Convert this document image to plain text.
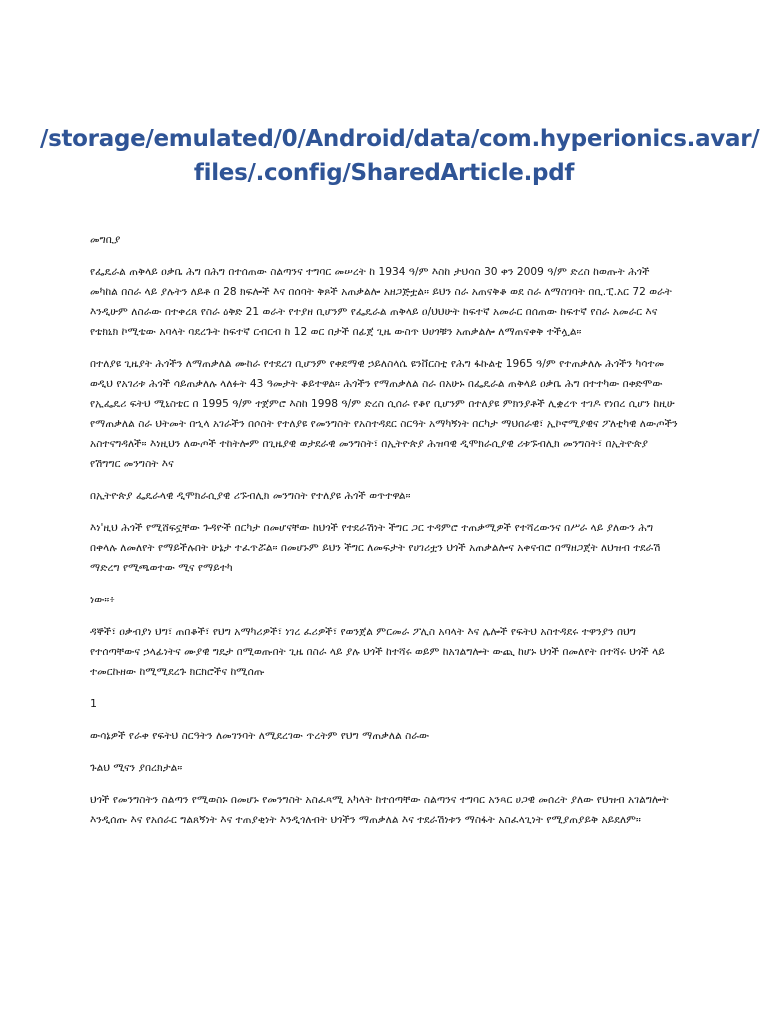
/storage/emulated/0/Android/data/com.hyperionics.avar/
files/.config/SharedArticle.pdf

መግቢያ

የፌዴራል ጠቅላይ ዐቃቤ ሕግ በሕግ በተሰጠው ስልጣንና ተግባር መሠረት ከ 1934 ዓ/ም እስከ ታህሳስ 30 ቀን 2009 ዓ/ም ድረስ ከወጡት ሕጎች መካከል በስራ ላይ ያሉትን ለይቶ በ 28 ክፍሎች እና በሰባት ቅጾች አጠቃልሎ አዘጋጅቷል። ይህን ስራ አጠናቅቆ ወደ ስራ ለማስገባት በቢ.ፒ.አር 72 ወራት እንዲሁም ለስራው በተቀረጸ የስራ ዕቅድ 21 ወራት የተያዘ ቢሆንም የፌዴራል ጠቅላይ ዐ/ህህሁት ከፍተኛ አመራር በሰጠው ከፍተኛ የስራ አመራር እና የቴክኒክ ኮሚቴው አባላት ባደረጉት ከፍተኛ ርብርብ ከ 12 ወር በታች በፊጀ ጊዜ ውስጥ ህሀጎቹን አጠቃልሎ ለማጠናቀቅ ተችሏል።

በተለያዩ ጊዜያት ሕጎችን ለማጠቃለል ሙከራ የተደረገ ቢሆንም የቀደማዊ ኃይለስላሴ ዩንቨርስቲ የሕግ ፋኩልቲ 1965 ዓ/ም የተጠቃለሉ ሕጎችን ካሳተመ ወዲህ የአገሪቱ ሕጎች ሳይጠቃለሉ ላለፉት 43 ዓመታት ቆይተዋል። ሕጎችን የማጠቃለል ስራ በአሁኑ በፌዴራል ጠቅላይ ዐቃቤ ሕግ በተተካው በቀድሞው የኢፌዴሪ ፍትህ ሚኒስቴር በ 1995 ዓ/ም ተጀምሮ እስከ 1998 ዓ/ም ድረስ ሲሰራ የቆየ ቢሆንም በተለያዩ ምክንያቶች ሊቋረጥ ተገዶ የነበረ ሲሆን ከዚሁ የማጠቃለል ስራ ህትመት በኂላ አገራችን በሶስት የተለያዩ የመንግስት የአስተዳደር ስርዓት አማካኝነት በርካታ ማህበራዊ፣ ኢኮኖሚያዊና ፖለቲካዊ ለውጦችን አስተናግዳለች። እነዚህን ለውጦች ተከትሎም በጊዜያዊ ወታደራዊ መንግስት፣ በኢትዮጵያ ሕዝባዊ ዲሞክራሲያዊ ሪቱኙብሊክ መንግስት፣ በኢትዮጵያ የሽግግር መንግስት እና

በኢትዮጵያ ፌዴራላዊ ዲሞክራሲያዊ ሪኙብሊክ መንግስት የተለያዩ ሕጎች ወጥተዋል።

እነ'ዚህ ሕጎች የሚሸፍኗቸው ጉዳዮች በርካታ በመሆናቸው ከህጎች የተደራሽነት ችግር ጋር ተዳምሮ ተጠቃሚዎች የተሻረውንና በሥራ ላይ ያለውን ሕግ በቀላሉ ለመለየት የማይችሉበት ሁኔታ ተፈጥሯል። በመሆኑም ይህን ችግር ለመፍታት የሀገሪቷን ህጎች አጠቃልሎና አቀናብሮ በማዘጋጀት ለህዝብ ተደራሽ ማድረግ የሚጫወተው ሚና የማይተካ

ነው።፥

ዳኞች፣ ዐቃብያነ ህግ፣ ጠበቆች፣ የህግ አማካሪዎች፣ ነገረ ፈሪዎች፣ የወንጀል ምርመራ ፖሊስ አባላት እና ሌሎች የፍትህ አስተዳደሩ ተዋንያን በህግ የተሰጣቸውና ኃላፊነትና ሙያዊ ግዴታ በሚወጡበት ጊዜ በስራ ላይ ያሉ ህጎች ከተሻሩ ወይም ከአገልግሎት ውጪ ከሆኑ ህጎች በመለየት በተሻሩ ህጎች ላይ ተመርኩዘው ከሚሚደረጉ ክርክሮችና ከሚሰጡ

1

ውሳኔዎች የራቀ የፍትህ ስርዓትን ለመገንባት ለሚደረገው ጥረትም የህግ ማጠቃለል ስራው

ጉልህ ሚናን ያበረክታል።

ህጎች የመንግስትን ስልጣን የሚወስኑ በመሆኑ የመንግስት አስፈጻሚ አካላት ከተሰጣቸው ስልጣንና ተግባር አንጻር ሀጋዊ መሰረት ያለው የህዝብ አገልግሎት እንዲሰጡ እና የአሰራር ግልጸኝነት እና ተጠያቂነት እንዲጎለብት ህጎችን ማጠቃለል እና ተደራሽነቱን ማስፋት አስፈላጊነት የሚያጠያይቅ አይደለም።
